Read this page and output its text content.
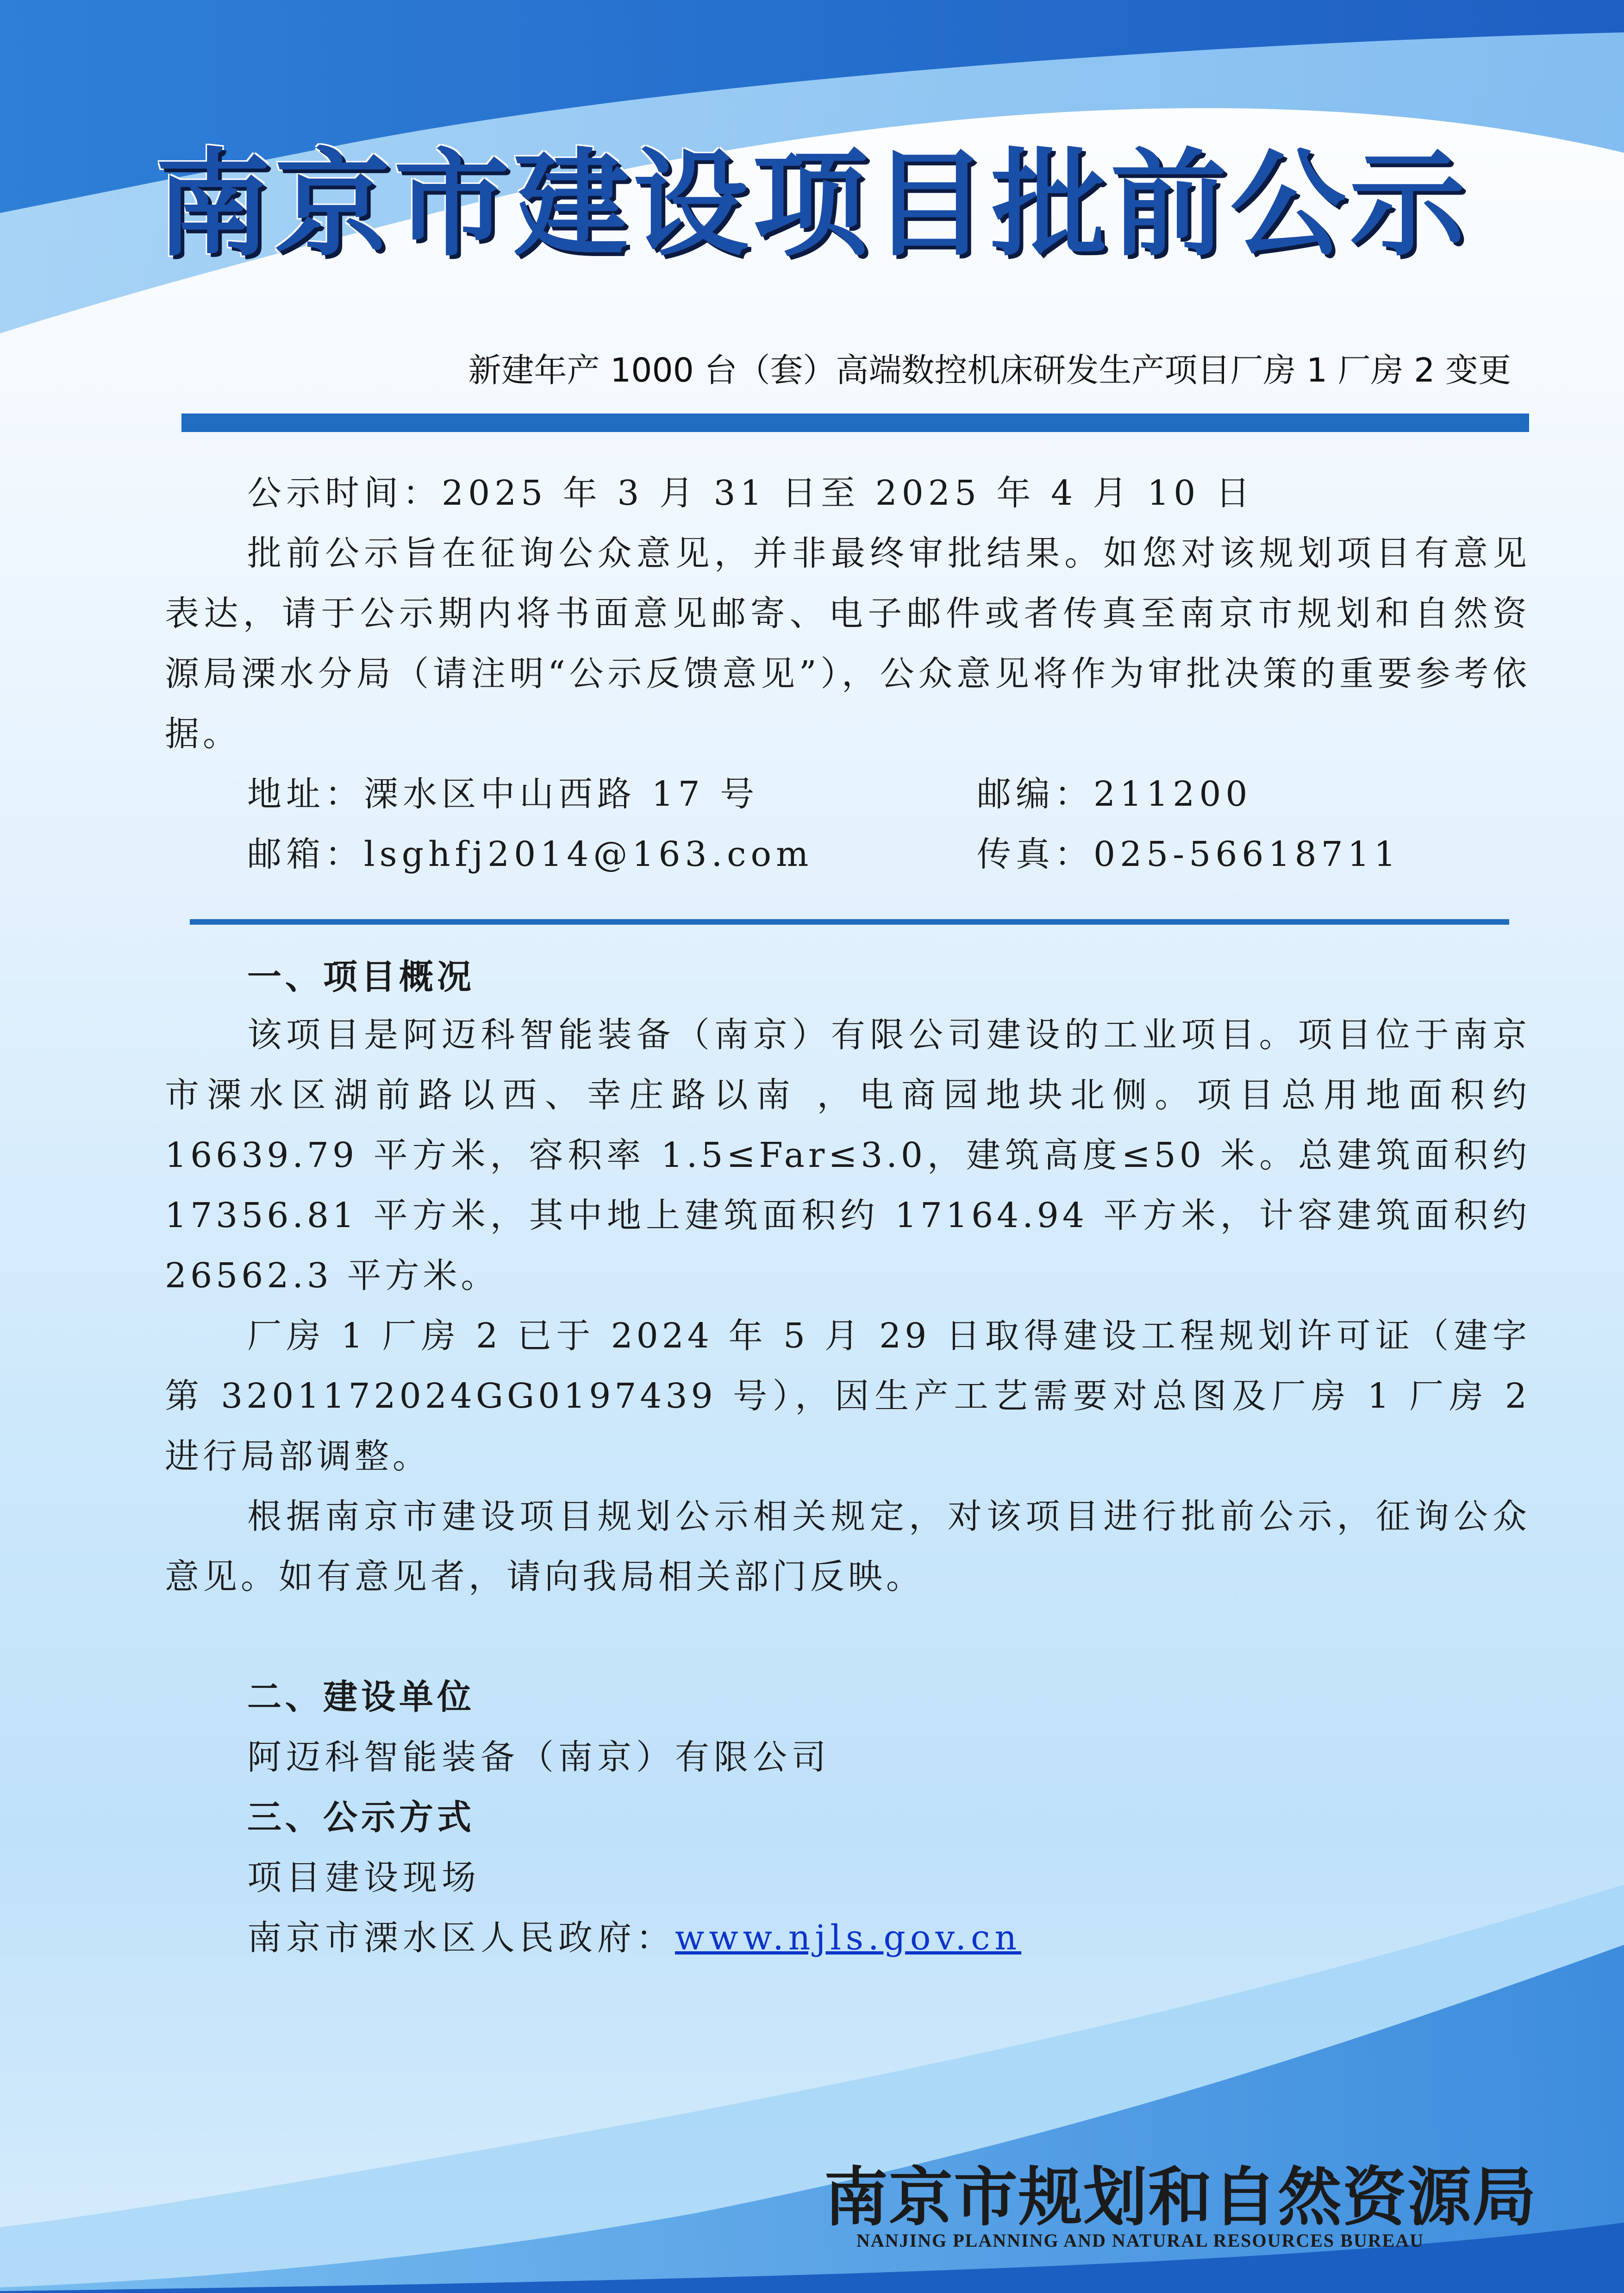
南京市建设项目批前公示
新建年产 1000 台（套）高端数控机床研发生产项目厂房 1 厂房 2 变更
公示时间：2025 年 3 月 31 日至 2025 年 4 月 10 日
批前公示旨在征询公众意见，并非最终审批结果。如您对该规划项目有意见表达，请于公示期内将书面意见邮寄、电子邮件或者传真至南京市规划和自然资源局溧水分局（请注明“公示反馈意见”），公众意见将作为审批决策的重要参考依据。
地址：溧水区中山西路 17 号	邮编：211200
邮箱：lsghfj2014@163.com	传真：025-56618711
一、项目概况
该项目是阿迈科智能装备（南京）有限公司建设的工业项目。项目位于南京市溧水区湖前路以西、幸庄路以南 ，电商园地块北侧。项目总用地面积约 16639.79 平方米，容积率 1.5≤Far≤3.0，建筑高度≤50 米。总建筑面积约 17356.81 平方米，其中地上建筑面积约 17164.94 平方米，计容建筑面积约 26562.3 平方米。
厂房 1 厂房 2 已于 2024 年 5 月 29 日取得建设工程规划许可证（建字第 3201172024GG0197439 号），因生产工艺需要对总图及厂房 1 厂房 2 进行局部调整。
根据南京市建设项目规划公示相关规定，对该项目进行批前公示，征询公众意见。如有意见者，请向我局相关部门反映。
二、建设单位
阿迈科智能装备（南京）有限公司
三、公示方式
项目建设现场
南京市溧水区人民政府：www.njls.gov.cn
南京市规划和自然资源局
NANJING PLANNING AND NATURAL RESOURCES BUREAU
